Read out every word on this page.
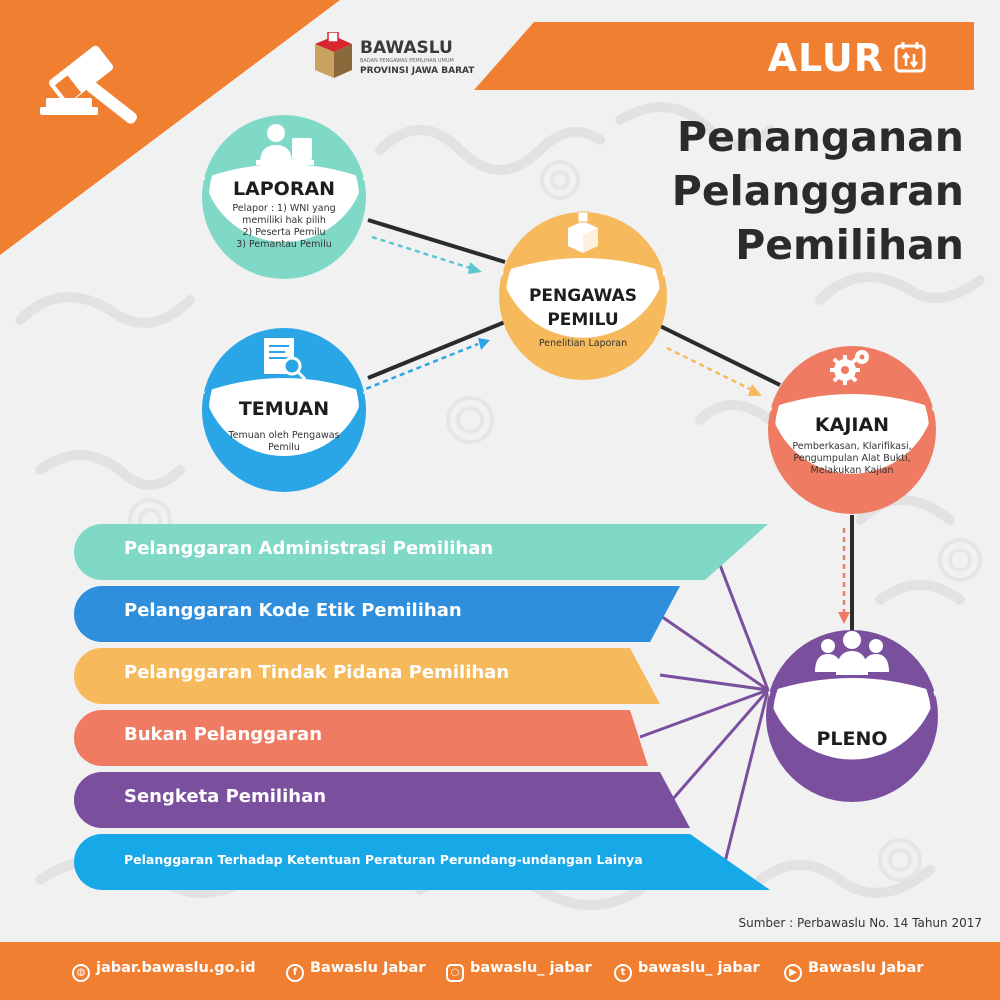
BAWASLU
BADAN PENGAWAS PEMILIHAN UMUM
PROVINSI JAWA BARAT	ALUR
Penanganan
Pelanggaran
Pemilihan
LAPORAN
Pelapor : 1) WNI yang
memiliki hak pilih
2) Peserta Pemilu
3) Pemantau Pemilu
TEMUAN
Temuan oleh Pengawas
Pemilu
PENGAWAS
PEMILU
Penelitian Laporan
KAJIAN
Pemberkasan, Klarifikasi,
Pengumpulan Alat Bukti,
Melakukan Kajian
PLENO
Pelanggaran Administrasi Pemilihan
Pelanggaran Kode Etik Pemilihan
Pelanggaran Tindak Pidana Pemilihan
Bukan Pelanggaran
Sengketa Pemilihan
Pelanggaran Terhadap Ketentuan Peraturan Perundang-undangan Lainya
Sumber : Perbawaslu No. 14 Tahun 2017
◍ jabar.bawaslu.go.id	f Bawaslu Jabar	○ bawaslu_ jabar	t bawaslu_ jabar	▶ Bawaslu Jabar
